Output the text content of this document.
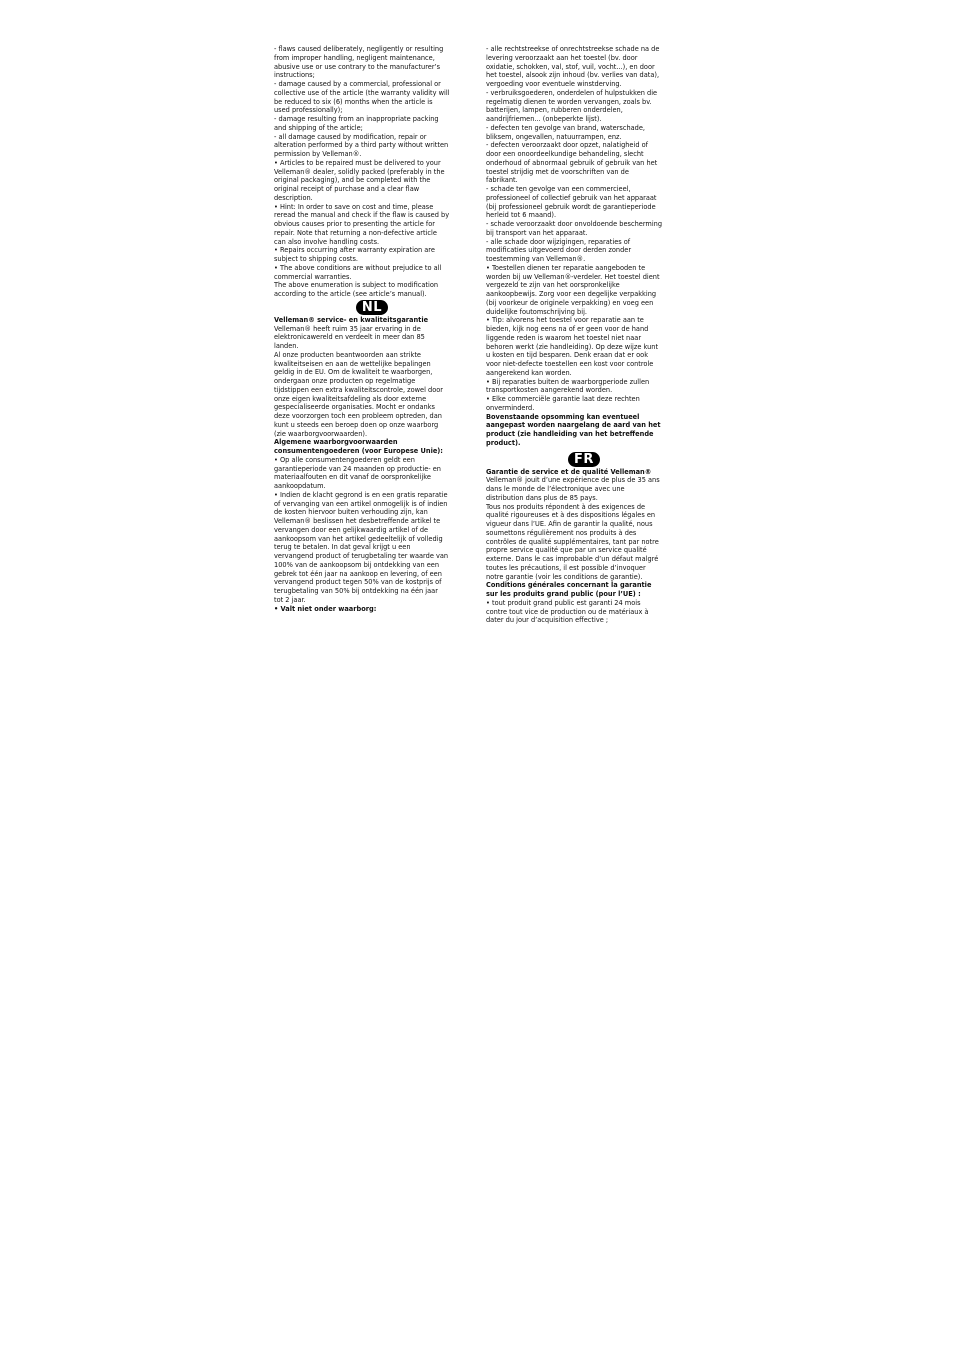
- flaws caused deliberately, negligently or resulting
from improper handling, negligent maintenance,
abusive use or use contrary to the manufacturer’s
instructions;

- damage caused by a commercial, professional or
collective use of the article (the warranty validity will
be reduced to six (6) months when the article is
used professionally);

- damage resulting from an inappropriate packing
and shipping of the article;

- all damage caused by modification, repair or
alteration performed by a third party without written
permission by Velleman®.

• Articles to be repaired must be delivered to your
Velleman® dealer, solidly packed (preferably in the
original packaging), and be completed with the
original receipt of purchase and a clear flaw
description.

• Hint: In order to save on cost and time, please
reread the manual and check if the flaw is caused by
obvious causes prior to presenting the article for
repair. Note that returning a non-defective article
can also involve handling costs.

• Repairs occurring after warranty expiration are
subject to shipping costs.

• The above conditions are without prejudice to all
commercial warranties.

The above enumeration is subject to modification
according to the article (see article’s manual).

NL

Velleman® service- en kwaliteitsgarantie

Velleman® heeft ruim 35 jaar ervaring in de
elektronicawereld en verdeelt in meer dan 85
landen.

Al onze producten beantwoorden aan strikte
kwaliteitseisen en aan de wettelijke bepalingen
geldig in de EU. Om de kwaliteit te waarborgen,
ondergaan onze producten op regelmatige
tijdstippen een extra kwaliteitscontrole, zowel door
onze eigen kwaliteitsafdeling als door externe
gespecialiseerde organisaties. Mocht er ondanks
deze voorzorgen toch een probleem optreden, dan
kunt u steeds een beroep doen op onze waarborg
(zie waarborgvoorwaarden).

Algemene waarborgvoorwaarden
consumentengoederen (voor Europese Unie):

• Op alle consumentengoederen geldt een
garantieperiode van 24 maanden op productie- en
materiaalfouten en dit vanaf de oorspronkelijke
aankoopdatum.

• Indien de klacht gegrond is en een gratis reparatie
of vervanging van een artikel onmogelijk is of indien
de kosten hiervoor buiten verhouding zijn, kan
Velleman® beslissen het desbetreffende artikel te
vervangen door een gelijkwaardig artikel of de
aankoopsom van het artikel gedeeltelijk of volledig
terug te betalen. In dat geval krijgt u een
vervangend product of terugbetaling ter waarde van
100% van de aankoopsom bij ontdekking van een
gebrek tot één jaar na aankoop en levering, of een
vervangend product tegen 50% van de kostprijs of
terugbetaling van 50% bij ontdekking na één jaar
tot 2 jaar.

• Valt niet onder waarborg:

- alle rechtstreekse of onrechtstreekse schade na de
levering veroorzaakt aan het toestel (bv. door
oxidatie, schokken, val, stof, vuil, vocht...), en door
het toestel, alsook zijn inhoud (bv. verlies van data),
vergoeding voor eventuele winstderving.

- verbruiksgoederen, onderdelen of hulpstukken die
regelmatig dienen te worden vervangen, zoals bv.
batterijen, lampen, rubberen onderdelen,
aandrijfriemen... (onbeperkte lijst).

- defecten ten gevolge van brand, waterschade,
bliksem, ongevallen, natuurrampen, enz.

- defecten veroorzaakt door opzet, nalatigheid of
door een onoordeelkundige behandeling, slecht
onderhoud of abnormaal gebruik of gebruik van het
toestel strijdig met de voorschriften van de
fabrikant.

- schade ten gevolge van een commercieel,
professioneel of collectief gebruik van het apparaat
(bij professioneel gebruik wordt de garantieperiode
herleid tot 6 maand).

- schade veroorzaakt door onvoldoende bescherming
bij transport van het apparaat.

- alle schade door wijzigingen, reparaties of
modificaties uitgevoerd door derden zonder
toestemming van Velleman®.

• Toestellen dienen ter reparatie aangeboden te
worden bij uw Velleman®-verdeler. Het toestel dient
vergezeld te zijn van het oorspronkelijke
aankoopbewijs. Zorg voor een degelijke verpakking
(bij voorkeur de originele verpakking) en voeg een
duidelijke foutomschrijving bij.

• Tip: alvorens het toestel voor reparatie aan te
bieden, kijk nog eens na of er geen voor de hand
liggende reden is waarom het toestel niet naar
behoren werkt (zie handleiding). Op deze wijze kunt
u kosten en tijd besparen. Denk eraan dat er ook
voor niet-defecte toestellen een kost voor controle
aangerekend kan worden.

• Bij reparaties buiten de waarborgperiode zullen
transportkosten aangerekend worden.

• Elke commerciële garantie laat deze rechten
onverminderd.

Bovenstaande opsomming kan eventueel
aangepast worden naargelang de aard van het
product (zie handleiding van het betreffende
product).

FR

Garantie de service et de qualité Velleman®

Velleman® jouit d’une expérience de plus de 35 ans
dans le monde de l’électronique avec une
distribution dans plus de 85 pays.

Tous nos produits répondent à des exigences de
qualité rigoureuses et à des dispositions légales en
vigueur dans l’UE. Afin de garantir la qualité, nous
soumettons régulièrement nos produits à des
contrôles de qualité supplémentaires, tant par notre
propre service qualité que par un service qualité
externe. Dans le cas improbable d’un défaut malgré
toutes les précautions, il est possible d’invoquer
notre garantie (voir les conditions de garantie).

Conditions générales concernant la garantie
sur les produits grand public (pour l’UE) :

• tout produit grand public est garanti 24 mois
contre tout vice de production ou de matériaux à
dater du jour d’acquisition effective ;
